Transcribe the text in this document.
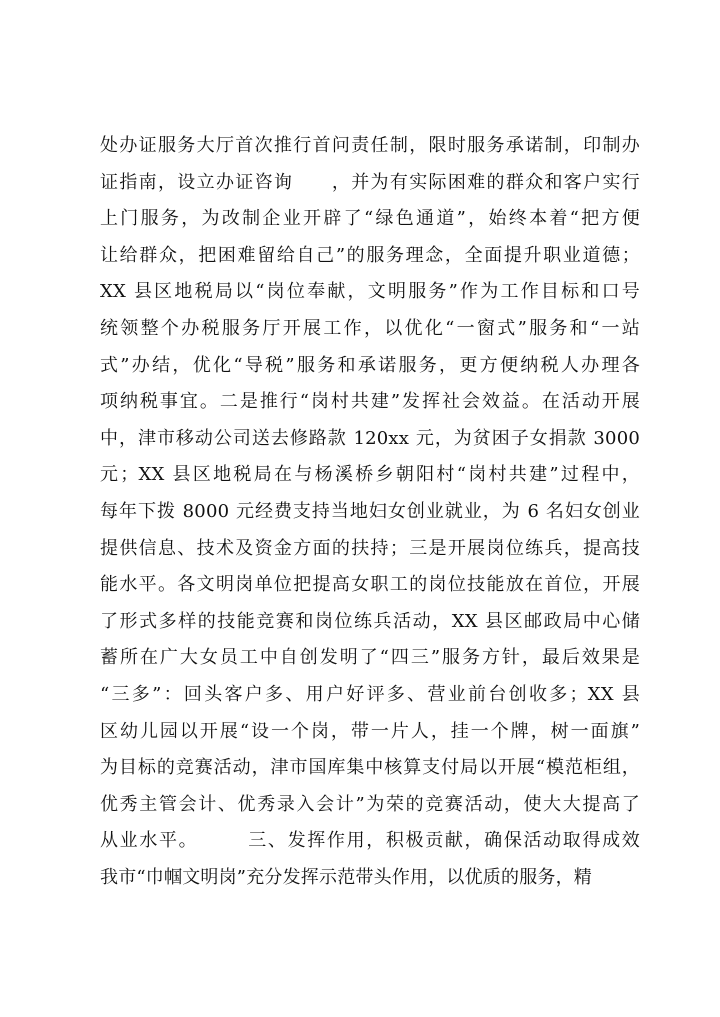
处办证服务大厅首次推行首问责任制，限时服务承诺制，印制办
证指南，设立办证咨询　　，并为有实际困难的群众和客户实行
上门服务，为改制企业开辟了“绿色通道”，始终本着“把方便
让给群众，把困难留给自己”的服务理念，全面提升职业道德；
XX 县区地税局以“岗位奉献，文明服务”作为工作目标和口号
统领整个办税服务厅开展工作，以优化“一窗式”服务和“一站
式”办结，优化“导税”服务和承诺服务，更方便纳税人办理各
项纳税事宜。二是推行“岗村共建”发挥社会效益。在活动开展
中，津市移动公司送去修路款 120xx 元，为贫困子女捐款 3000
元；XX 县区地税局在与杨溪桥乡朝阳村“岗村共建”过程中，
每年下拨 8000 元经费支持当地妇女创业就业，为 6 名妇女创业
提供信息、技术及资金方面的扶持；三是开展岗位练兵，提高技
能水平。各文明岗单位把提高女职工的岗位技能放在首位，开展
了形式多样的技能竞赛和岗位练兵活动，XX 县区邮政局中心储
蓄所在广大女员工中自创发明了“四三”服务方针，最后效果是
“三多”：回头客户多、用户好评多、营业前台创收多；XX 县
区幼儿园以开展“设一个岗，带一片人，挂一个牌，树一面旗”
为目标的竞赛活动，津市国库集中核算支付局以开展“模范柜组，
优秀主管会计、优秀录入会计”为荣的竞赛活动，使大大提高了
从业水平。　　　三、发挥作用，积极贡献，确保活动取得成效
我市“巾帼文明岗”充分发挥示范带头作用，以优质的服务，精
